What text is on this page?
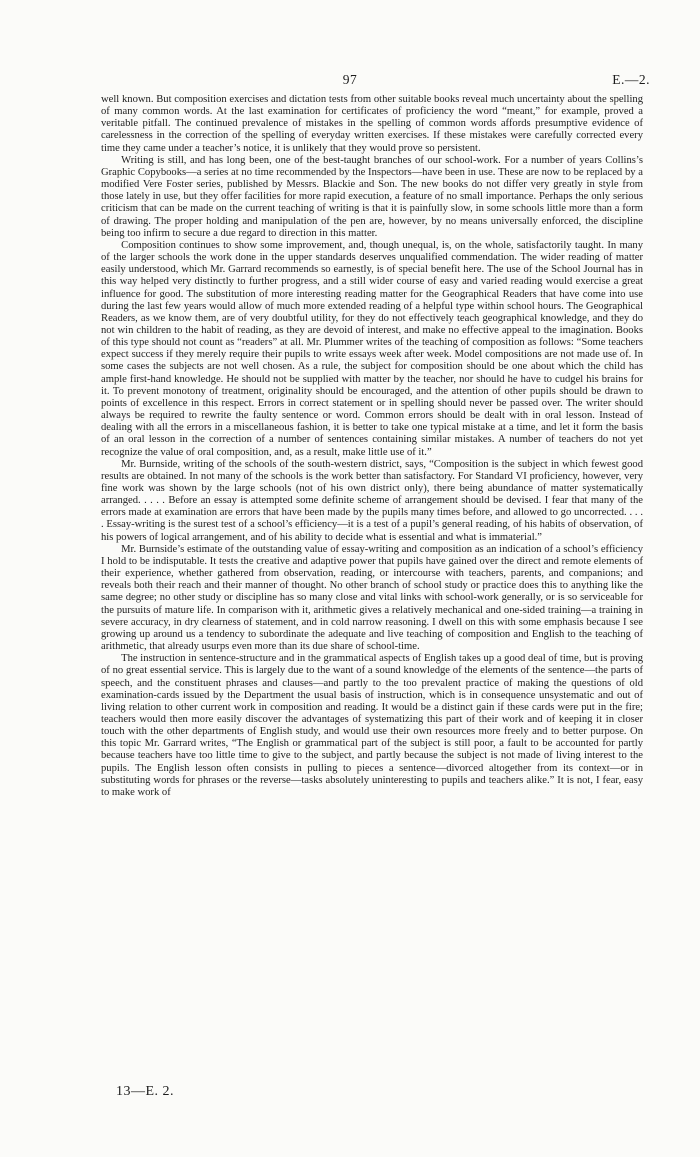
97	E.—2.

well known. But composition exercises and dictation tests from other suitable books reveal much uncertainty about the spelling of many common words. At the last examination for certificates of proficiency the word “meant,” for example, proved a veritable pitfall. The continued prevalence of mistakes in the spelling of common words affords presumptive evidence of carelessness in the correction of the spelling of everyday written exercises. If these mistakes were carefully corrected every time they came under a teacher’s notice, it is unlikely that they would prove so persistent.

Writing is still, and has long been, one of the best-taught branches of our school-work. For a number of years Collins’s Graphic Copybooks—a series at no time recommended by the Inspectors—have been in use. These are now to be replaced by a modified Vere Foster series, published by Messrs. Blackie and Son. The new books do not differ very greatly in style from those lately in use, but they offer facilities for more rapid execution, a feature of no small importance. Perhaps the only serious criticism that can be made on the current teaching of writing is that it is painfully slow, in some schools little more than a form of drawing. The proper holding and manipulation of the pen are, however, by no means universally enforced, the discipline being too infirm to secure a due regard to direction in this matter.

Composition continues to show some improvement, and, though unequal, is, on the whole, satisfactorily taught. In many of the larger schools the work done in the upper standards deserves unqualified commendation. The wider reading of matter easily understood, which Mr. Garrard recommends so earnestly, is of special benefit here. The use of the School Journal has in this way helped very distinctly to further progress, and a still wider course of easy and varied reading would exercise a great influence for good. The substitution of more interesting reading matter for the Geographical Readers that have come into use during the last few years would allow of much more extended reading of a helpful type within school hours. The Geographical Readers, as we know them, are of very doubtful utility, for they do not effectively teach geographical knowledge, and they do not win children to the habit of reading, as they are devoid of interest, and make no effective appeal to the imagination. Books of this type should not count as “readers” at all. Mr. Plummer writes of the teaching of composition as follows: “Some teachers expect success if they merely require their pupils to write essays week after week. Model compositions are not made use of. In some cases the subjects are not well chosen. As a rule, the subject for composition should be one about which the child has ample first-hand knowledge. He should not be supplied with matter by the teacher, nor should he have to cudgel his brains for it. To prevent monotony of treatment, originality should be encouraged, and the attention of other pupils should be drawn to points of excellence in this respect. Errors in correct statement or in spelling should never be passed over. The writer should always be required to rewrite the faulty sentence or word. Common errors should be dealt with in oral lesson. Instead of dealing with all the errors in a miscellaneous fashion, it is better to take one typical mistake at a time, and let it form the basis of an oral lesson in the correction of a number of sentences containing similar mistakes. A number of teachers do not yet recognize the value of oral composition, and, as a result, make little use of it.”

Mr. Burnside, writing of the schools of the south-western district, says, “Composition is the subject in which fewest good results are obtained. In not many of the schools is the work better than satisfactory. For Standard VI proficiency, however, very fine work was shown by the large schools (not of his own district only), there being abundance of matter systematically arranged. . . . . Before an essay is attempted some definite scheme of arrangement should be devised. I fear that many of the errors made at examination are errors that have been made by the pupils many times before, and allowed to go uncorrected. . . . . Essay-writing is the surest test of a school’s efficiency—it is a test of a pupil’s general reading, of his habits of observation, of his powers of logical arrangement, and of his ability to decide what is essential and what is immaterial.”

Mr. Burnside’s estimate of the outstanding value of essay-writing and composition as an indication of a school’s efficiency I hold to be indisputable. It tests the creative and adaptive power that pupils have gained over the direct and remote elements of their experience, whether gathered from observation, reading, or intercourse with teachers, parents, and companions; and reveals both their reach and their manner of thought. No other branch of school study or practice does this to anything like the same degree; no other study or discipline has so many close and vital links with school-work generally, or is so serviceable for the pursuits of mature life. In comparison with it, arithmetic gives a relatively mechanical and one-sided training—a training in severe accuracy, in dry clearness of statement, and in cold narrow reasoning. I dwell on this with some emphasis because I see growing up around us a tendency to subordinate the adequate and live teaching of composition and English to the teaching of arithmetic, that already usurps even more than its due share of school-time.

The instruction in sentence-structure and in the grammatical aspects of English takes up a good deal of time, but is proving of no great essential service. This is largely due to the want of a sound knowledge of the elements of the sentence—the parts of speech, and the constituent phrases and clauses—and partly to the too prevalent practice of making the questions of old examination-cards issued by the Department the usual basis of instruction, which is in consequence unsystematic and out of living relation to other current work in composition and reading. It would be a distinct gain if these cards were put in the fire; teachers would then more easily discover the advantages of systematizing this part of their work and of keeping it in closer touch with the other departments of English study, and would use their own resources more freely and to better purpose. On this topic Mr. Garrard writes, “The English or grammatical part of the subject is still poor, a fault to be accounted for partly because teachers have too little time to give to the subject, and partly because the subject is not made of living interest to the pupils. The English lesson often consists in pulling to pieces a sentence—divorced altogether from its context—or in substituting words for phrases or the reverse—tasks absolutely uninteresting to pupils and teachers alike.” It is not, I fear, easy to make work of

13—E. 2.
